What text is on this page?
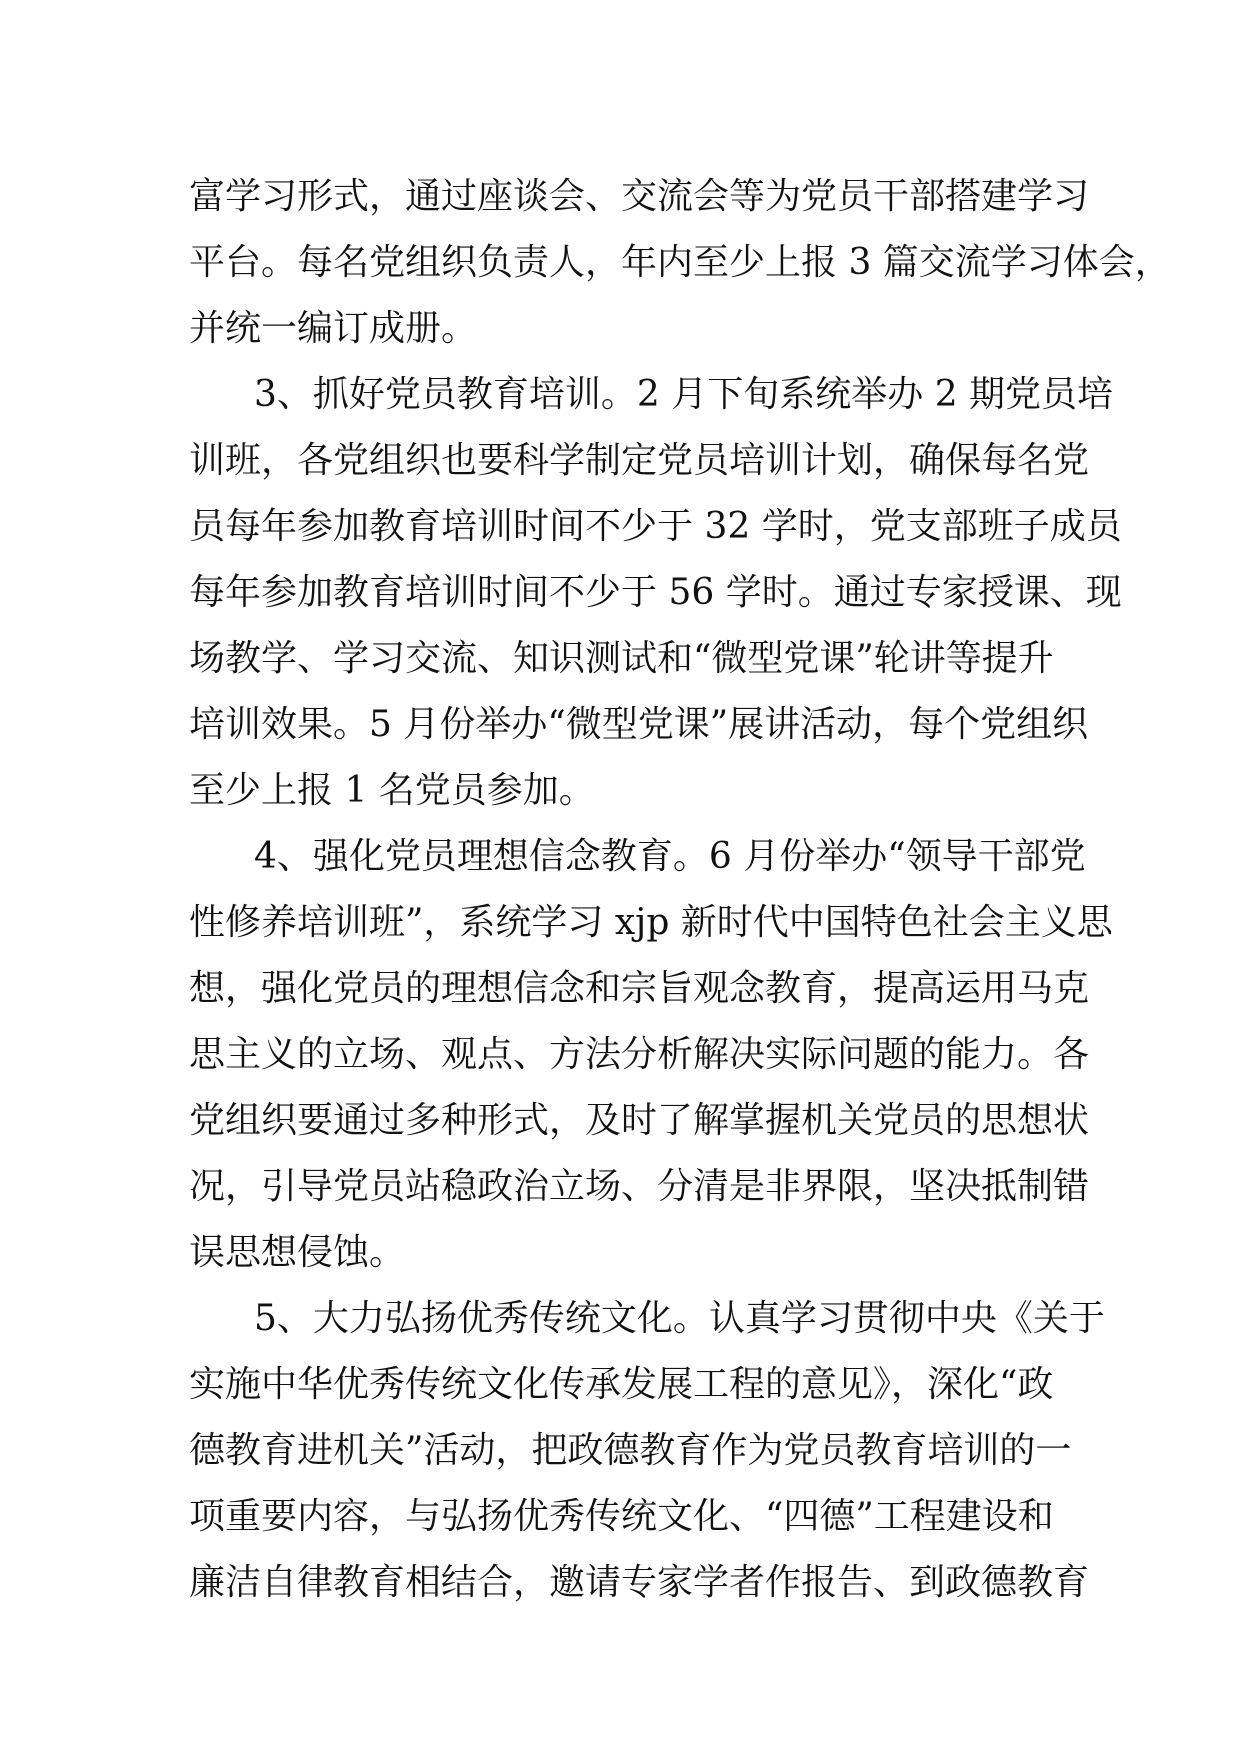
富学习形式，通过座谈会、交流会等为党员干部搭建学习
平台。每名党组织负责人，年内至少上报 3 篇交流学习体会，
并统一编订成册。
3、抓好党员教育培训。2 月下旬系统举办 2 期党员培
训班，各党组织也要科学制定党员培训计划，确保每名党
员每年参加教育培训时间不少于 32 学时，党支部班子成员
每年参加教育培训时间不少于 56 学时。通过专家授课、现
场教学、学习交流、知识测试和“微型党课”轮讲等提升
培训效果。5 月份举办“微型党课”展讲活动，每个党组织
至少上报 1 名党员参加。
4、强化党员理想信念教育。6 月份举办“领导干部党
性修养培训班”，系统学习 xjp 新时代中国特色社会主义思
想，强化党员的理想信念和宗旨观念教育，提高运用马克
思主义的立场、观点、方法分析解决实际问题的能力。各
党组织要通过多种形式，及时了解掌握机关党员的思想状
况，引导党员站稳政治立场、分清是非界限，坚决抵制错
误思想侵蚀。
5、大力弘扬优秀传统文化。认真学习贯彻中央《关于
实施中华优秀传统文化传承发展工程的意见》，深化“政
德教育进机关”活动，把政德教育作为党员教育培训的一
项重要内容，与弘扬优秀传统文化、“四德”工程建设和
廉洁自律教育相结合，邀请专家学者作报告、到政德教育
